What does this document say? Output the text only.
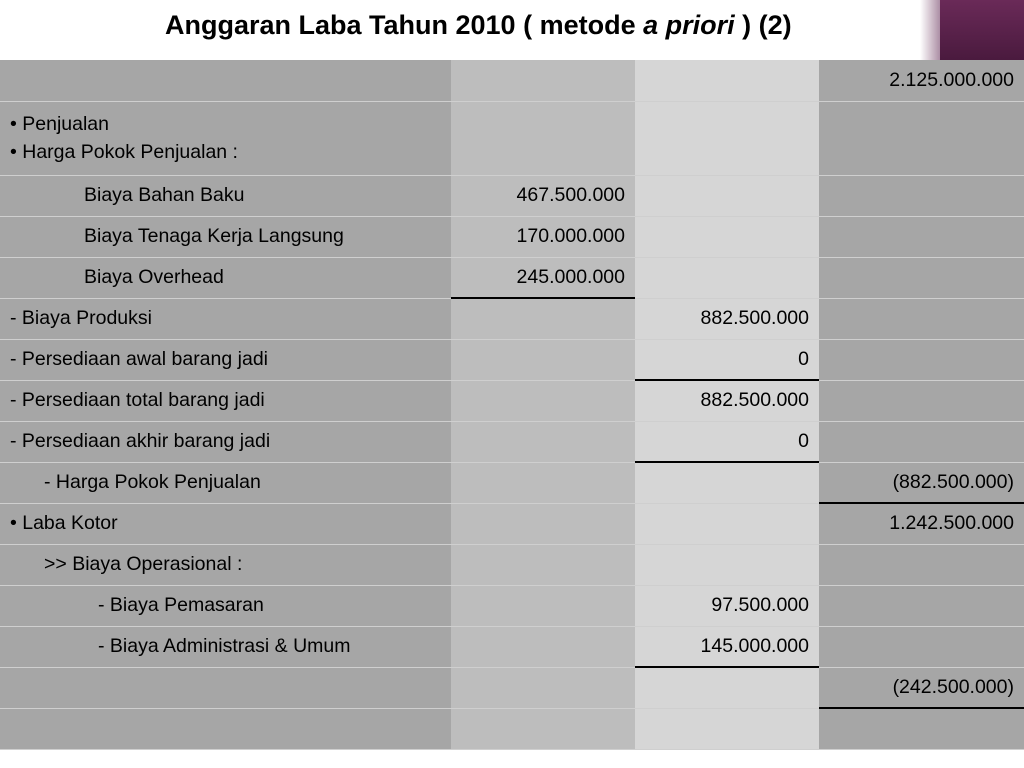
Anggaran Laba Tahun 2010 ( metode a priori ) (2)
			2.125.000.000

• Penjualan
• Harga Pokok Penjualan :			

Biaya Bahan Baku	467.500.000		
Biaya Tenaga Kerja Langsung	170.000.000		
Biaya Overhead	245.000.000		
- Biaya Produksi		882.500.000	
- Persediaan awal barang jadi		0	
- Persediaan total barang jadi		882.500.000	
- Persediaan akhir barang jadi		0	
- Harga Pokok Penjualan			(882.500.000)
• Laba Kotor			1.242.500.000
>> Biaya Operasional :			
- Biaya Pemasaran		97.500.000	
- Biaya Administrasi & Umum		145.000.000	
			(242.500.000)
